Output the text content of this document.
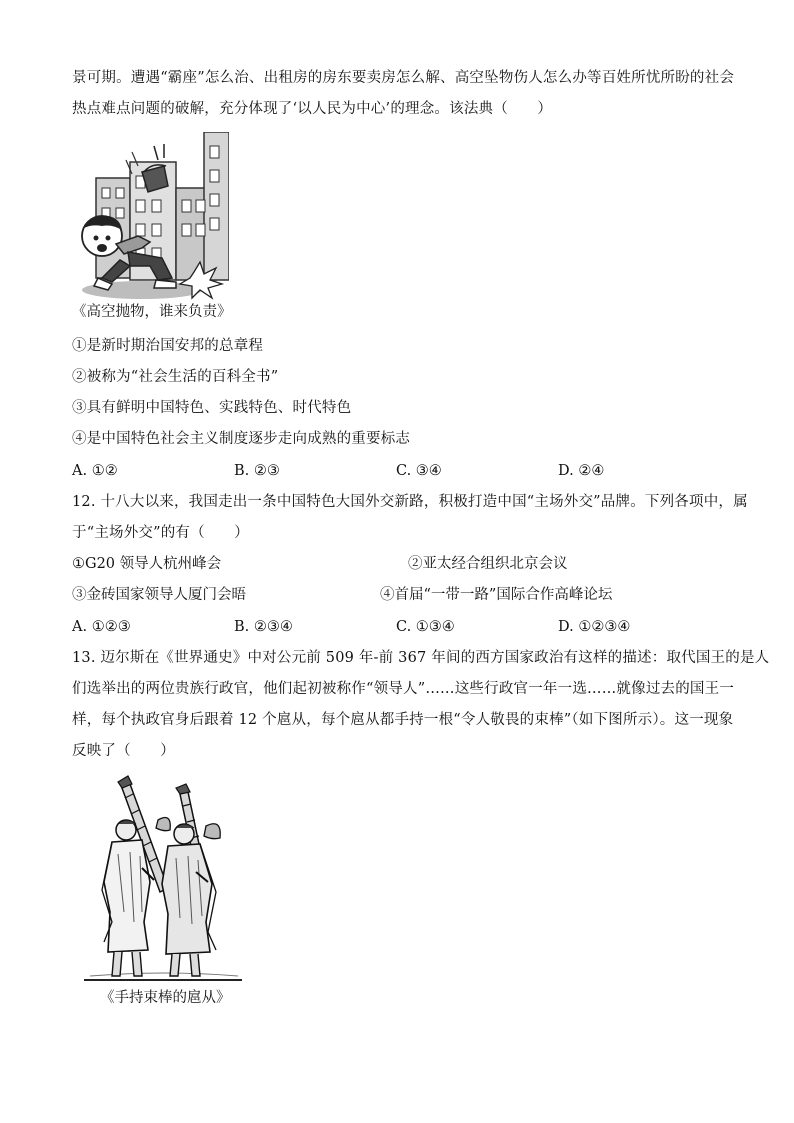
景可期。遭遇“霸座”怎么治、出租房的房东要卖房怎么解、高空坠物伤人怎么办等百姓所忧所盼的社会
热点难点问题的破解，充分体现了‘以人民为中心’的理念。该法典（　　）
《高空抛物，谁来负责》
①是新时期治国安邦的总章程
②被称为“社会生活的百科全书”
③具有鲜明中国特色、实践特色、时代特色
④是中国特色社会主义制度逐步走向成熟的重要标志
A. ①②	B. ②③	C. ③④	D. ②④
12. 十八大以来，我国走出一条中国特色大国外交新路，积极打造中国“主场外交”品牌。下列各项中，属
于“主场外交”的有（　　）
①G20 领导人杭州峰会	②亚太经合组织北京会议
③金砖国家领导人厦门会晤	④首届“一带一路”国际合作高峰论坛
A. ①②③	B. ②③④	C. ①③④	D. ①②③④
13. 迈尔斯在《世界通史》中对公元前 509 年-前 367 年间的西方国家政治有这样的描述：取代国王的是人
们选举出的两位贵族行政官，他们起初被称作“领导人”……这些行政官一年一选……就像过去的国王一
样，每个执政官身后跟着 12 个扈从，每个扈从都手持一根“令人敬畏的束棒”（如下图所示）。这一现象
反映了（　　）
《手持束棒的扈从》
